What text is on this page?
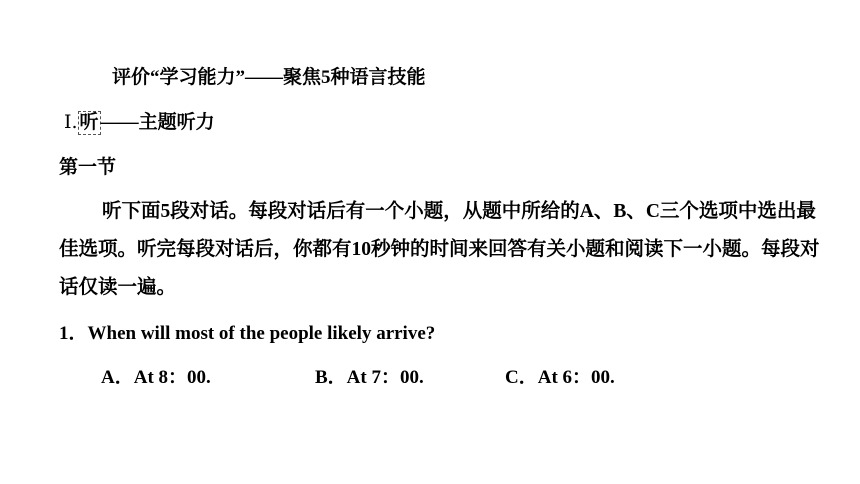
评价“学习能力”——聚焦5种语言技能
Ⅰ. 听 ——主题听力
第一节
听下面5段对话。每段对话后有一个小题，从题中所给的A、B、C三个选项中选出最佳选项。听完每段对话后，你都有10秒钟的时间来回答有关小题和阅读下一小题。每段对话仅读一遍。
1．When will most of the people likely arrive?
A．At 8：00.	B．At 7：00.	C．At 6：00.
